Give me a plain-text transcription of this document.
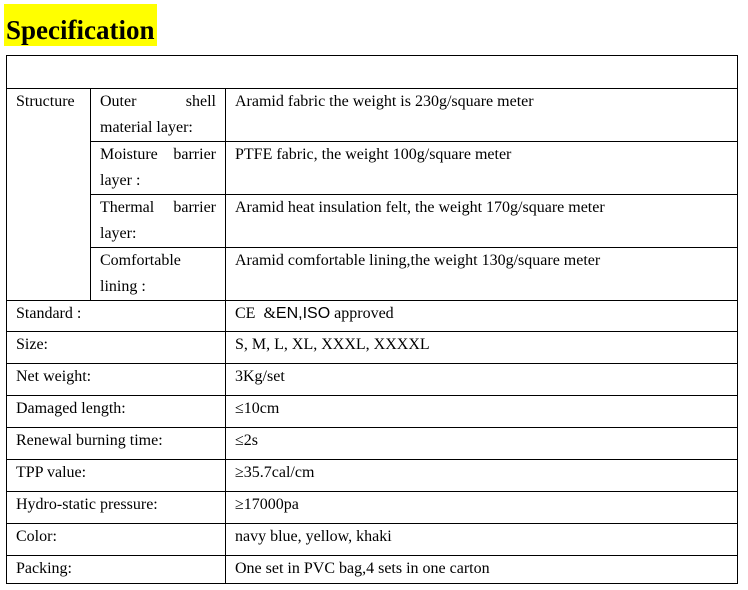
Specification

Structure	Outer shell material layer:	Aramid fabric the weight is 230g/square meter
	Moisture barrier layer :	PTFE fabric, the weight 100g/square meter
	Thermal barrier layer:	Aramid heat insulation felt, the weight 170g/square meter
	Comfortable lining :	Aramid comfortable lining,the weight 130g/square meter
Standard :		CE  &EN,ISO approved
Size:		S, M, L, XL, XXXL, XXXXL
Net weight:		3Kg/set
Damaged length:		≤10cm
Renewal burning time:		≤2s
TPP value:		≥35.7cal/cm
Hydro-static pressure:		≥17000pa
Color:		navy blue, yellow, khaki
Packing:		One set in PVC bag,4 sets in one carton
